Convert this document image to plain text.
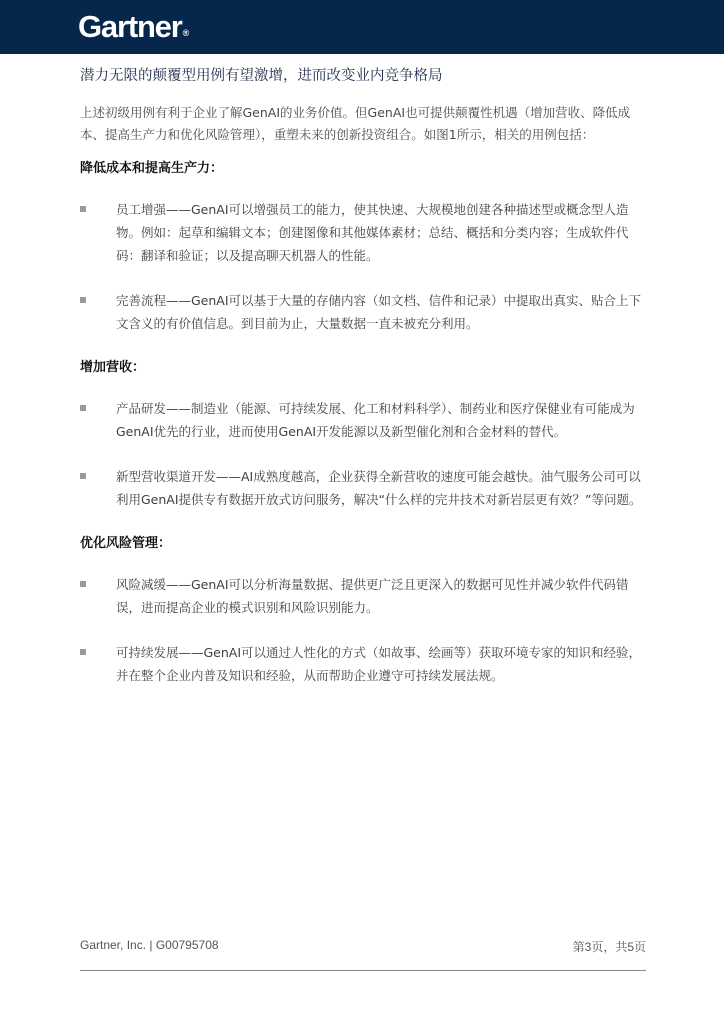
Gartner®
潜力无限的颠覆型用例有望激增，进而改变业内竞争格局
上述初级用例有利于企业了解GenAI的业务价值。但GenAI也可提供颠覆性机遇（增加营收、降低成本、提高生产力和优化风险管理），重塑未来的创新投资组合。如图1所示，相关的用例包括：
降低成本和提高生产力：
员工增强——GenAI可以增强员工的能力，使其快速、大规模地创建各种描述型或概念型人造物。例如：起草和编辑文本；创建图像和其他媒体素材；总结、概括和分类内容；生成软件代码：翻译和验证；以及提高聊天机器人的性能。
完善流程——GenAI可以基于大量的存储内容（如文档、信件和记录）中提取出真实、贴合上下文含义的有价值信息。到目前为止，大量数据一直未被充分利用。
增加营收：
产品研发——制造业（能源、可持续发展、化工和材料科学）、制药业和医疗保健业有可能成为GenAI优先的行业，进而使用GenAI开发能源以及新型催化剂和合金材料的替代。
新型营收渠道开发——AI成熟度越高，企业获得全新营收的速度可能会越快。油气服务公司可以利用GenAI提供专有数据开放式访问服务，解决“什么样的完井技术对新岩层更有效？”等问题。
优化风险管理：
风险减缓——GenAI可以分析海量数据、提供更广泛且更深入的数据可见性并减少软件代码错误，进而提高企业的模式识别和风险识别能力。
可持续发展——GenAI可以通过人性化的方式（如故事、绘画等）获取环境专家的知识和经验，并在整个企业内普及知识和经验，从而帮助企业遵守可持续发展法规。
Gartner, Inc. | G00795708	第3页，共5页
